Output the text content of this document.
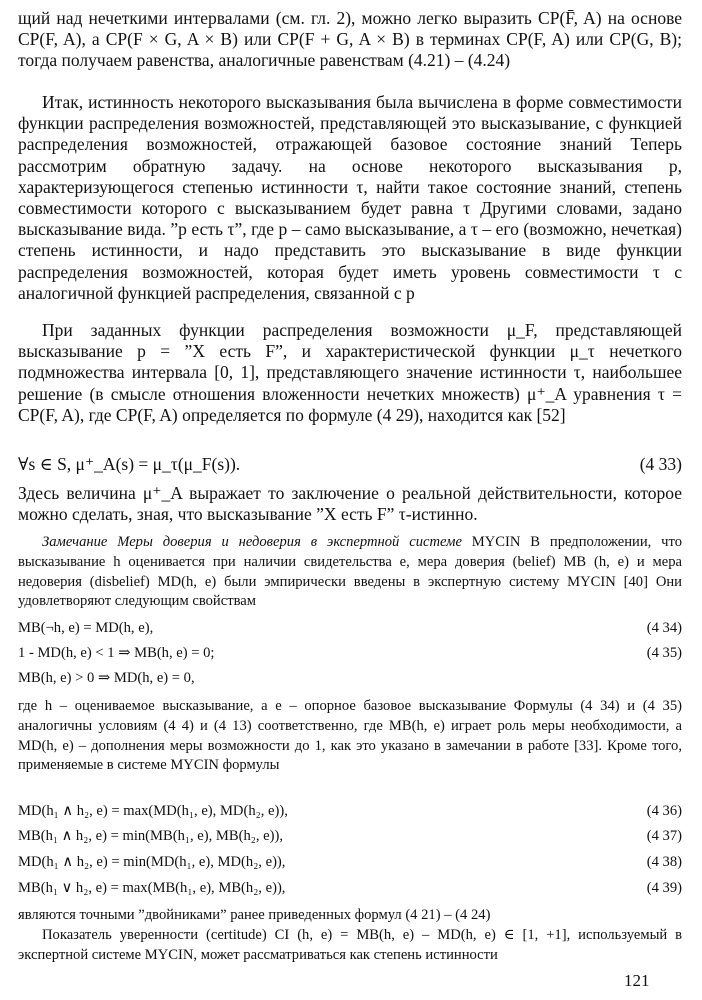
щий над нечеткими интервалами (см. гл. 2), можно легко выразить CP(F̄, A) на основе CP(F, A), а CP(F × G, A × B) или CP(F + G, A × B) в терминах CP(F, A) или CP(G, B); тогда получаем равенства, аналогичные равенствам (4.21) – (4.24)

Итак, истинность некоторого высказывания была вычислена в форме совместимости функции распределения возможностей, представляющей это высказывание, с функцией распределения возможностей, отражающей базовое состояние знаний Теперь рассмотрим обратную задачу. на основе некоторого высказывания p, характеризующегося степенью истинности τ, найти такое состояние знаний, степень совместимости которого с высказыванием будет равна τ Другими словами, задано высказывание вида. ”p есть τ”, где p – само высказывание, а τ – его (возможно, нечеткая) степень истинности, и надо представить это высказывание в виде функции распределения возможностей, которая будет иметь уровень совместимости τ с аналогичной функцией распределения, связанной с p

При заданных функции распределения возможности μ_F, представляющей высказывание p = ”X есть F”, и характеристической функции μ_τ нечеткого подмножества интервала [0, 1], представляющего значение истинности τ, наибольшее решение (в смысле отношения вложенности нечетких множеств) μ⁺_A уравнения τ = CP(F, A), где CP(F, A) определяется по формуле (4 29), находится как [52]

∀s ∈ S, μ⁺_A(s) = μ_τ(μ_F(s)).	(4 33)

Здесь величина μ⁺_A выражает то заключение о реальной действительности, которое можно сделать, зная, что высказывание ”X есть F” τ-истинно.

Замечание Меры доверия и недоверия в экспертной системе MYCIN В предположении, что высказывание h оценивается при наличии свидетельства e, мера доверия (belief) MB (h, e) и мера недоверия (disbelief) MD(h, e) были эмпирически введены в экспертную систему MYCIN [40] Они удовлетворяют следующим свойствам

MB(¬h, e) = MD(h, e),	(4 34)
1 - MD(h, e) < 1 ⇒ MB(h, e) = 0;	(4 35)
MB(h, e) > 0 ⇒ MD(h, e) = 0,

где h – оцениваемое высказывание, а e – опорное базовое высказывание Формулы (4 34) и (4 35) аналогичны условиям (4 4) и (4 13) соответственно, где MB(h, e) играет роль меры необходимости, а MD(h, e) – дополнения меры возможности до 1, как это указано в замечании в работе [33]. Кроме того, применяемые в системе MYCIN формулы

MD(h₁ ∧ h₂, e) = max(MD(h₁, e), MD(h₂, e)),	(4 36)
MB(h₁ ∧ h₂, e) = min(MB(h₁, e), MB(h₂, e)),	(4 37)
MD(h₁ ∧ h₂, e) = min(MD(h₁, e), MD(h₂, e)),	(4 38)
MB(h₁ ∨ h₂, e) = max(MB(h₁, e), MB(h₂, e)),	(4 39)

являются точными ”двойниками” ранее приведенных формул (4 21) – (4 24)

Показатель уверенности (certitude) CI (h, e) = MB(h, e) – MD(h, e) ∈ [1, +1], используемый в экспертной системе MYCIN, может рассматриваться как степень истинности

121
